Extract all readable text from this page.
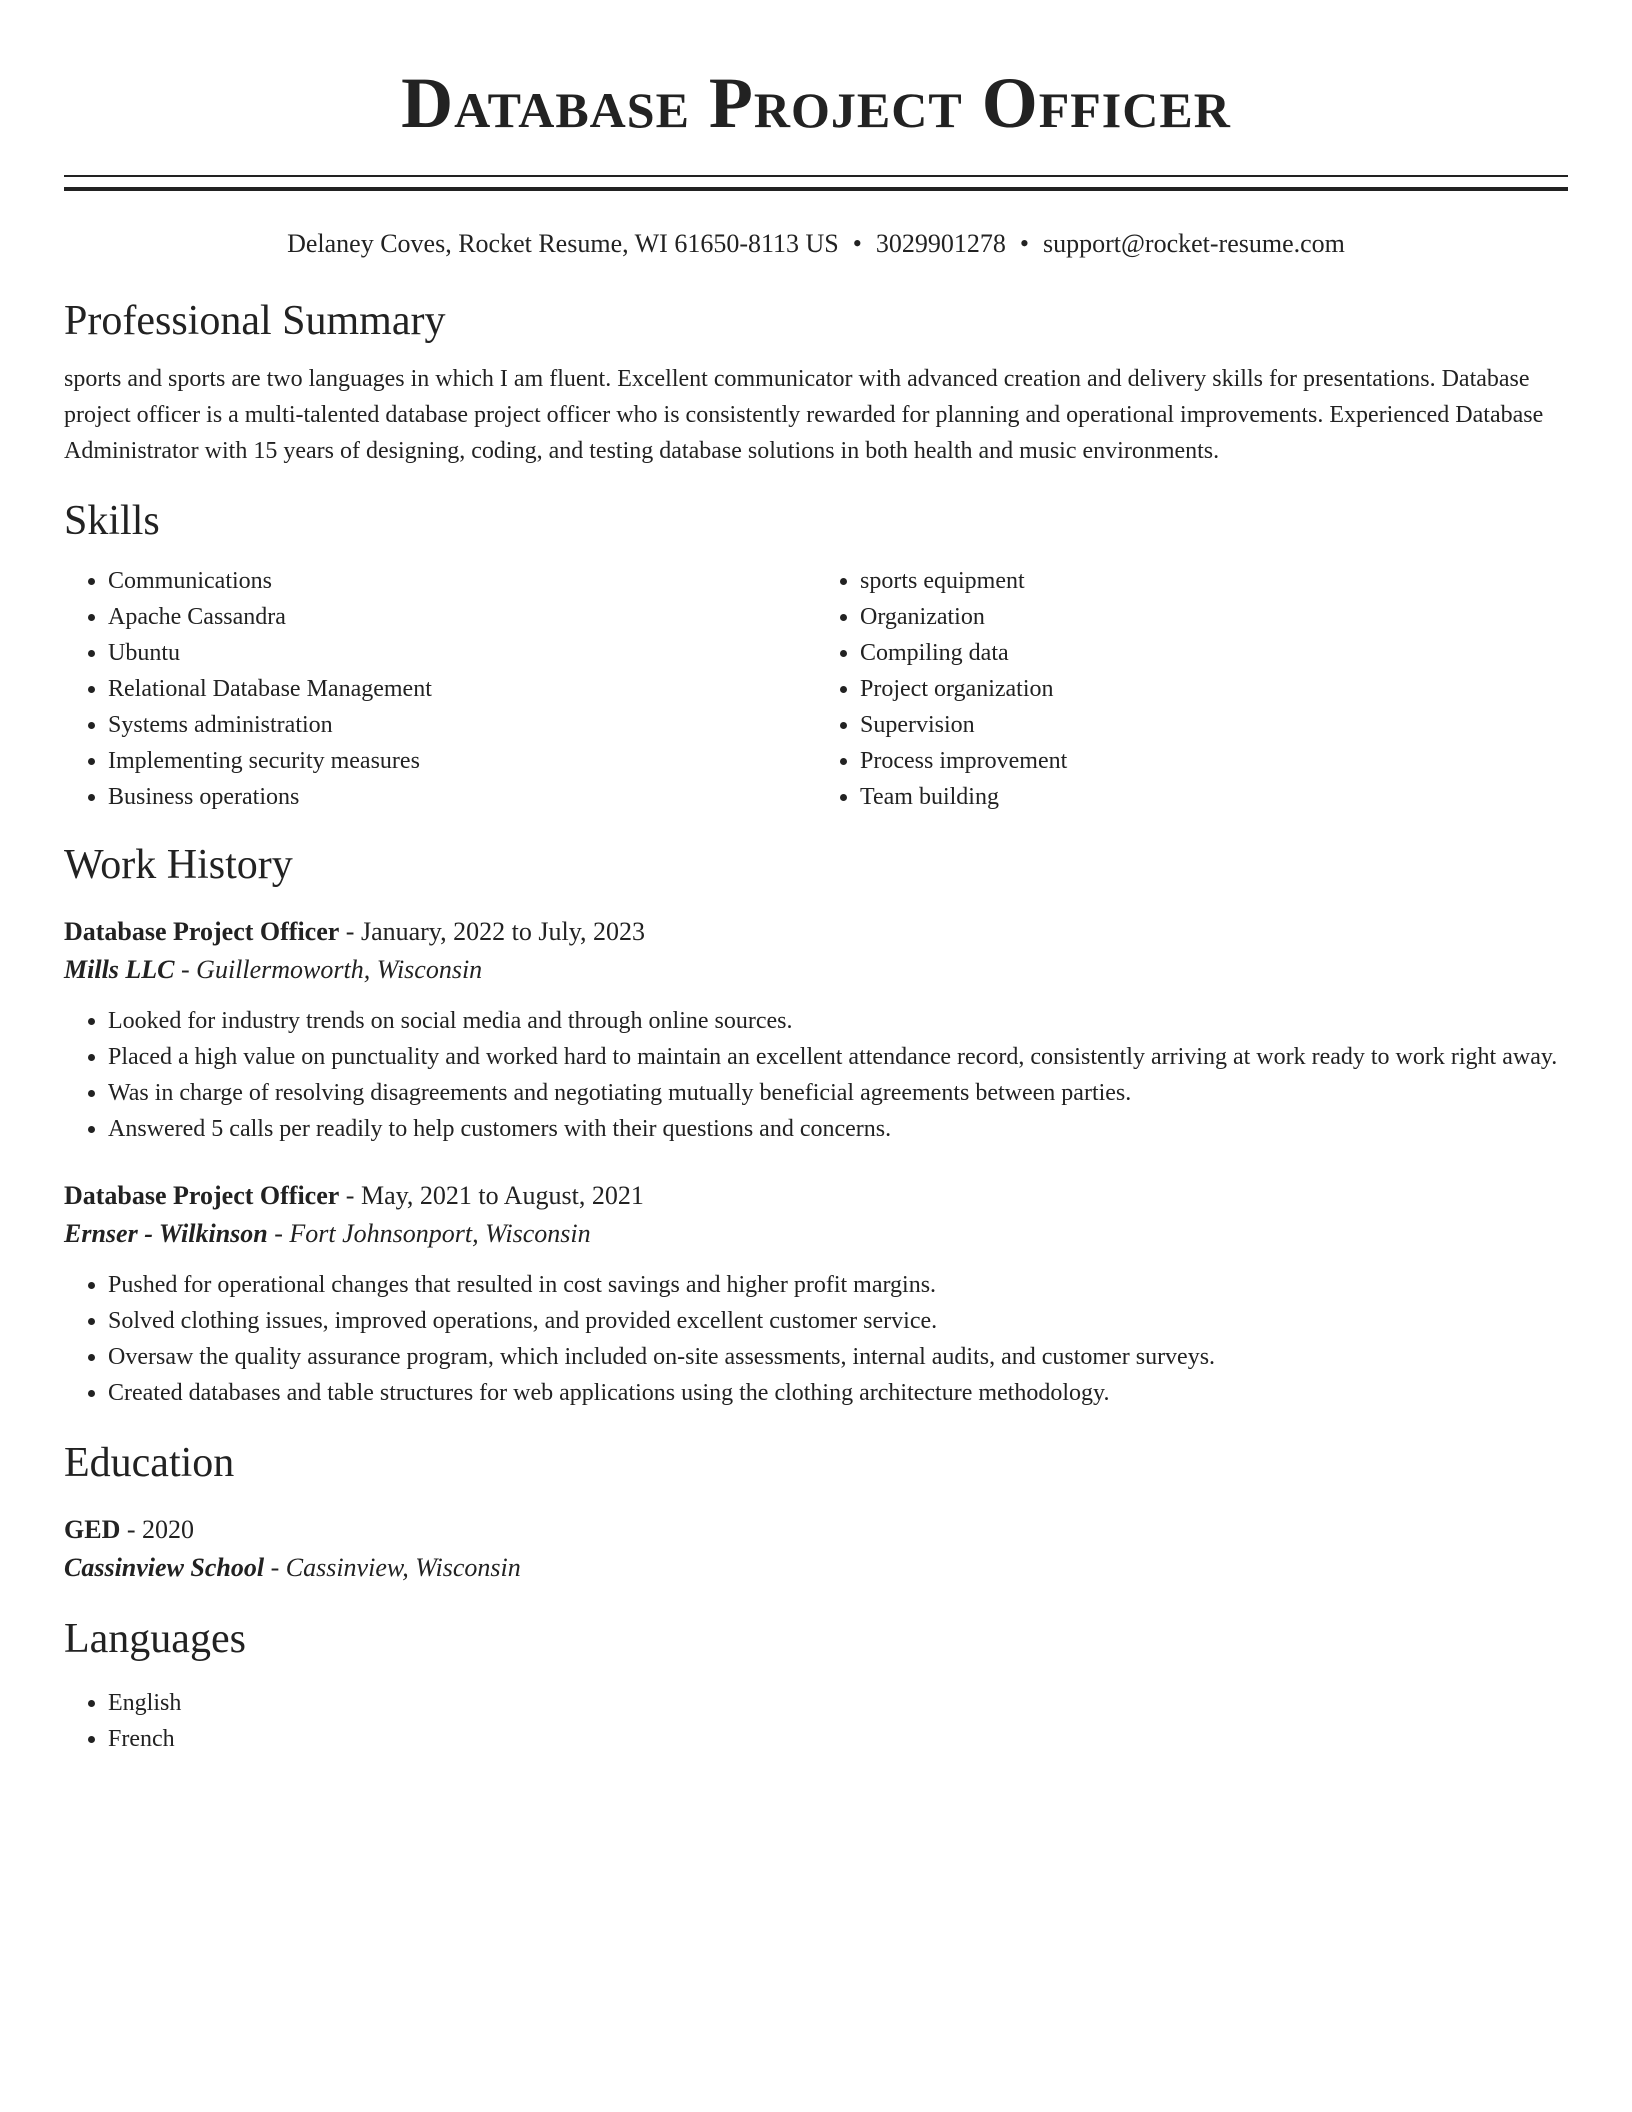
Database Project Officer
Delaney Coves, Rocket Resume, WI 61650-8113 US • 3029901278 • support@rocket-resume.com
Professional Summary
sports and sports are two languages in which I am fluent. Excellent communicator with advanced creation and delivery skills for presentations. Database project officer is a multi-talented database project officer who is consistently rewarded for planning and operational improvements. Experienced Database Administrator with 15 years of designing, coding, and testing database solutions in both health and music environments.
Skills
• Communications
• Apache Cassandra
• Ubuntu
• Relational Database Management
• Systems administration
• Implementing security measures
• Business operations
• sports equipment
• Organization
• Compiling data
• Project organization
• Supervision
• Process improvement
• Team building
Work History
Database Project Officer - January, 2022 to July, 2023
Mills LLC - Guillermoworth, Wisconsin
• Looked for industry trends on social media and through online sources.
• Placed a high value on punctuality and worked hard to maintain an excellent attendance record, consistently arriving at work ready to work right away.
• Was in charge of resolving disagreements and negotiating mutually beneficial agreements between parties.
• Answered 5 calls per readily to help customers with their questions and concerns.
Database Project Officer - May, 2021 to August, 2021
Ernser - Wilkinson - Fort Johnsonport, Wisconsin
• Pushed for operational changes that resulted in cost savings and higher profit margins.
• Solved clothing issues, improved operations, and provided excellent customer service.
• Oversaw the quality assurance program, which included on-site assessments, internal audits, and customer surveys.
• Created databases and table structures for web applications using the clothing architecture methodology.
Education
GED - 2020
Cassinview School - Cassinview, Wisconsin
Languages
• English
• French
